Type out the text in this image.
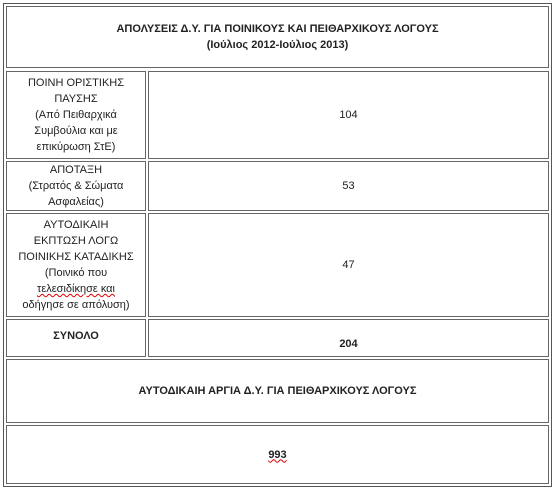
ΑΠΟΛΥΣΕΙΣ Δ.Υ. ΓΙΑ ΠΟΙΝΙΚΟΥΣ ΚΑΙ ΠΕΙΘΑΡΧΙΚΟΥΣ ΛΟΓΟΥΣ
(Ιούλιος 2012-Ιούλιος 2013)
ΠΟΙΝΗ ΟΡΙΣΤΙΚΗΣ
ΠΑΥΣΗΣ
(Από Πειθαρχικά
Συμβούλια και με
επικύρωση ΣτΕ)
104
ΑΠΟΤΑΞΗ
(Στρατός & Σώματα
Ασφαλείας)
53
ΑΥΤΟΔΙΚΑΙΗ
ΕΚΠΤΩΣΗ ΛΟΓΩ
ΠΟΙΝΙΚΗΣ ΚΑΤΑΔΙΚΗΣ
(Ποινικό που
τελεσιδίκησε και
οδήγησε σε απόλυση)
47
ΣΥΝΟΛΟ
204
ΑΥΤΟΔΙΚΑΙΗ ΑΡΓΙΑ Δ.Υ. ΓΙΑ ΠΕΙΘΑΡΧΙΚΟΥΣ ΛΟΓΟΥΣ
993
